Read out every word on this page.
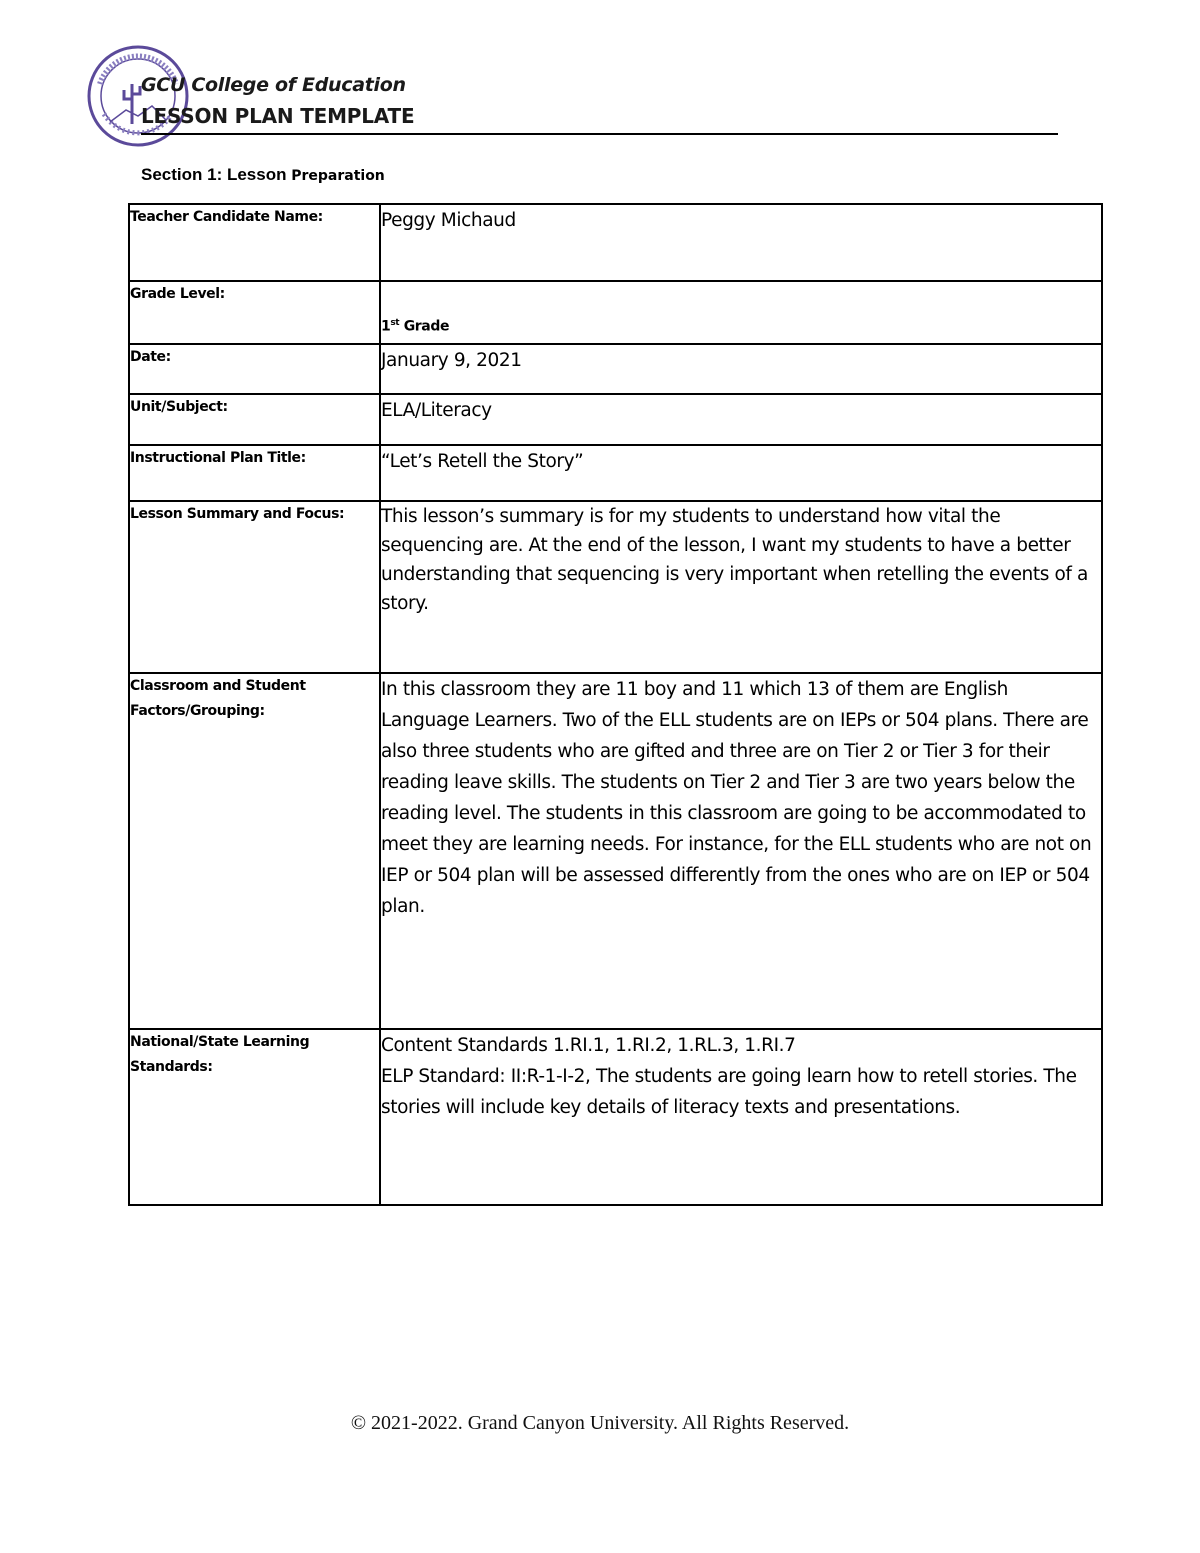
GCU College of Education
LESSON PLAN TEMPLATE
Section 1: Lesson Preparation
Teacher Candidate Name:	Peggy Michaud
Grade Level:	1st Grade
Date:	January 9, 2021
Unit/Subject:	ELA/Literacy
Instructional Plan Title:	“Let’s Retell the Story”
Lesson Summary and Focus:	This lesson’s summary is for my students to understand how vital the sequencing are. At the end of the lesson, I want my students to have a better understanding that sequencing is very important when retelling the events of a story.
Classroom and Student Factors/Grouping:	In this classroom they are 11 boy and 11 which 13 of them are English Language Learners. Two of the ELL students are on IEPs or 504 plans. There are also three students who are gifted and three are on Tier 2 or Tier 3 for their reading leave skills. The students on Tier 2 and Tier 3 are two years below the reading level. The students in this classroom are going to be accommodated to meet they are learning needs. For instance, for the ELL students who are not on IEP or 504 plan will be assessed differently from the ones who are on IEP or 504 plan.
National/State Learning Standards:	Content Standards 1.RI.1, 1.RI.2, 1.RL.3, 1.RI.7
ELP Standard: II:R-1-I-2, The students are going learn how to retell stories. The stories will include key details of literacy texts and presentations.
© 2021-2022. Grand Canyon University. All Rights Reserved.
